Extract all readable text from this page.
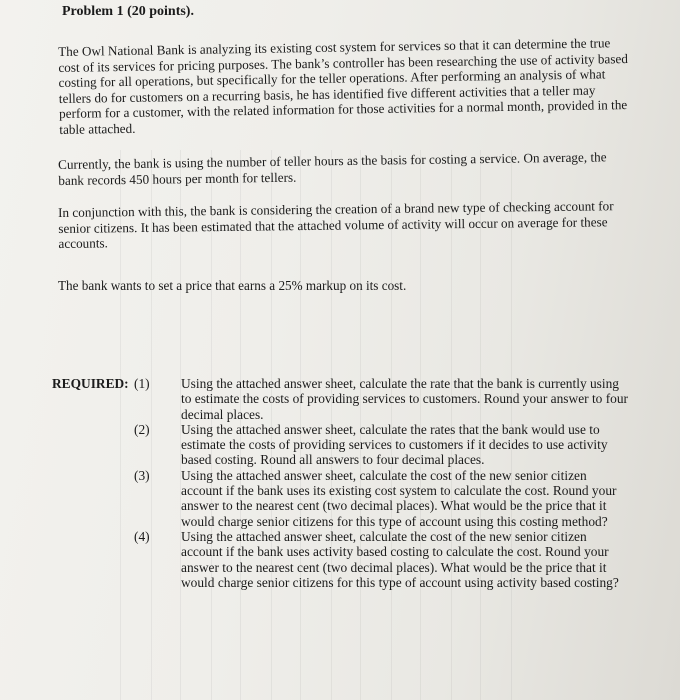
Problem 1 (20 points).

The Owl National Bank is analyzing its existing cost system for services so that it can determine the true cost of its services for pricing purposes. The bank’s controller has been researching the use of activity based costing for all operations, but specifically for the teller operations. After performing an analysis of what tellers do for customers on a recurring basis, he has identified five different activities that a teller may perform for a customer, with the related information for those activities for a normal month, provided in the table attached.

Currently, the bank is using the number of teller hours as the basis for costing a service. On average, the bank records 450 hours per month for tellers.

In conjunction with this, the bank is considering the creation of a brand new type of checking account for senior citizens. It has been estimated that the attached volume of activity will occur on average for these accounts.

The bank wants to set a price that earns a 25% markup on its cost.

REQUIRED: (1) Using the attached answer sheet, calculate the rate that the bank is currently using to estimate the costs of providing services to customers. Round your answer to four decimal places.
(2) Using the attached answer sheet, calculate the rates that the bank would use to estimate the costs of providing services to customers if it decides to use activity based costing. Round all answers to four decimal places.
(3) Using the attached answer sheet, calculate the cost of the new senior citizen account if the bank uses its existing cost system to calculate the cost. Round your answer to the nearest cent (two decimal places). What would be the price that it would charge senior citizens for this type of account using this costing method?
(4) Using the attached answer sheet, calculate the cost of the new senior citizen account if the bank uses activity based costing to calculate the cost. Round your answer to the nearest cent (two decimal places). What would be the price that it would charge senior citizens for this type of account using activity based costing?
